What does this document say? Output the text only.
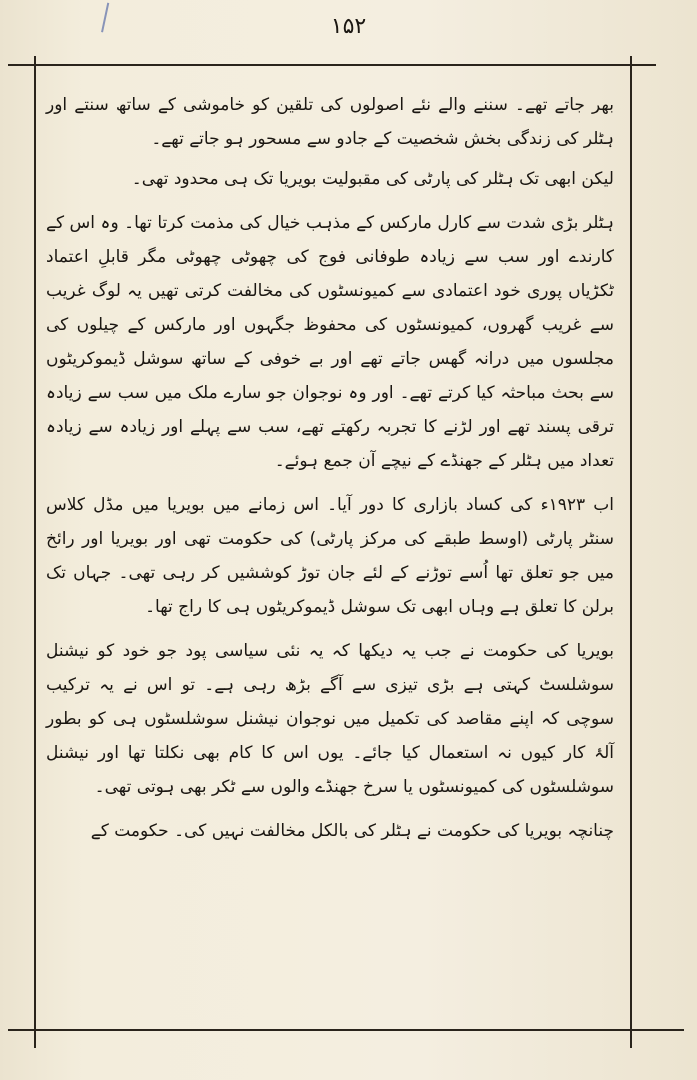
۱۵۲

بھر جاتے تھے۔ سننے والے نئے اصولوں کی تلقین کو خاموشی کے ساتھ سنتے اور ہٹلر کی زندگی بخش شخصیت کے جادو سے مسحور ہو جاتے تھے۔

لیکن ابھی تک ہٹلر کی پارٹی کی مقبولیت بویریا تک ہی محدود تھی۔

ہٹلر بڑی شدت سے کارل مارکس کے مذہب خیال کی مذمت کرتا تھا۔ وہ اس کے کارندے اور سب سے زیادہ طوفانی فوج کی چھوٹی چھوٹی مگر قابلِ اعتماد ٹکڑیاں پوری خود اعتمادی سے کمیونسٹوں کی مخالفت کرتی تھیں یہ لوگ غریب سے غریب گھروں، کمیونسٹوں کی محفوظ جگہوں اور مارکس کے چیلوں کی مجلسوں میں درانہ گھس جاتے تھے اور بے خوفی کے ساتھ سوشل ڈیموکریٹوں سے بحث مباحثہ کیا کرتے تھے۔ اور وہ نوجوان جو سارے ملک میں سب سے زیادہ ترقی پسند تھے اور لڑنے کا تجربہ رکھتے تھے، سب سے پہلے اور زیادہ سے زیادہ تعداد میں ہٹلر کے جھنڈے کے نیچے آن جمع ہوئے۔

اب ۱۹۲۳ء کی کساد بازاری کا دور آیا۔ اس زمانے میں بویریا میں مڈل کلاس سنٹر پارٹی (اوسط طبقے کی مرکز پارٹی) کی حکومت تھی اور بویریا اور رائخ میں جو تعلق تھا اُسے توڑنے کے لئے جان توڑ کوششیں کر رہی تھی۔ جہاں تک برلن کا تعلق ہے وہاں ابھی تک سوشل ڈیموکریٹوں ہی کا راج تھا۔

بویریا کی حکومت نے جب یہ دیکھا کہ یہ نئی سیاسی پود جو خود کو نیشنل سوشلسٹ کہتی ہے بڑی تیزی سے آگے بڑھ رہی ہے۔ تو اس نے یہ ترکیب سوچی کہ اپنے مقاصد کی تکمیل میں نوجوان نیشنل سوشلسٹوں ہی کو بطور آلۂ کار کیوں نہ استعمال کیا جائے۔ یوں اس کا کام بھی نکلتا تھا اور نیشنل سوشلسٹوں کی کمیونسٹوں یا سرخ جھنڈے والوں سے ٹکر بھی ہوتی تھی۔

چنانچہ بویریا کی حکومت نے ہٹلر کی بالکل مخالفت نہیں کی۔ حکومت کے
